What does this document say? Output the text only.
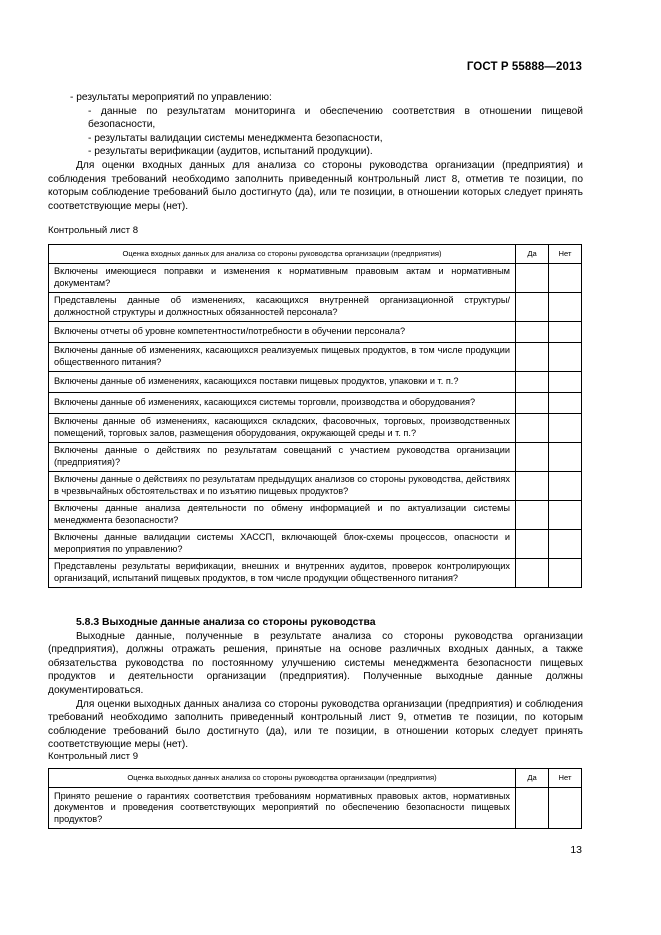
ГОСТ Р 55888—2013

- результаты мероприятий по управлению:

- данные по результатам мониторинга и обеспечению соответствия в отношении пищевой безопасности,

- результаты валидации системы менеджмента безопасности,

- результаты верификации (аудитов, испытаний продукции).

Для оценки входных данных для анализа со стороны руководства организации (предприятия) и соблюдения требований необходимо заполнить приведенный контрольный лист 8, отметив те позиции, по которым соблюдение требований было достигнуто (да), или те позиции, в отношении которых следует принять соответствующие меры (нет).

Контрольный лист 8
Оценка входных данных для анализа со стороны руководства организации (предприятия)	Да	Нет
Включены имеющиеся поправки и изменения к нормативным правовым актам и нормативным документам?		
Представлены данные об изменениях, касающихся внутренней организационной структуры/ должностной структуры и должностных обязанностей персонала?		
Включены отчеты об уровне компетентности/потребности в обучении персонала?		
Включены данные об изменениях, касающихся реализуемых пищевых продуктов, в том числе продукции общественного питания?		
Включены данные об изменениях, касающихся поставки пищевых продуктов, упаковки и т. п.?		
Включены данные об изменениях, касающихся системы торговли, производства и оборудования?		
Включены данные об изменениях, касающихся складских, фасовочных, торговых, производственных помещений, торговых залов, размещения оборудования, окружающей среды и т. п.?		
Включены данные о действиях по результатам совещаний с участием руководства организации (предприятия)?		
Включены данные о действиях по результатам предыдущих анализов со стороны руководства, действиях в чрезвычайных обстоятельствах и по изъятию пищевых продуктов?		
Включены данные анализа деятельности по обмену информацией и по актуализации системы менеджмента безопасности?		
Включены данные валидации системы ХАССП, включающей блок-схемы процессов, опасности и мероприятия по управлению?		
Представлены результаты верификации, внешних и внутренних аудитов, проверок контролирующих организаций, испытаний пищевых продуктов, в том числе продукции общественного питания?		

5.8.3 Выходные данные анализа со стороны руководства

Выходные данные, полученные в результате анализа со стороны руководства организации (предприятия), должны отражать решения, принятые на основе различных входных данных, а также обязательства руководства по постоянному улучшению системы менеджмента безопасности пищевых продуктов и деятельности организации (предприятия). Полученные выходные данные должны документироваться.

Для оценки выходных данных анализа со стороны руководства организации (предприятия) и соблюдения требований необходимо заполнить приведенный контрольный лист 9, отметив те позиции, по которым соблюдение требований было достигнуто (да), или те позиции, в отношении которых следует принять соответствующие меры (нет).

Контрольный лист 9
Оценка выходных данных анализа со стороны руководства организации (предприятия)	Да	Нет
Принято решение о гарантиях соответствия требованиям нормативных правовых актов, нормативных документов и проведения соответствующих мероприятий по обеспечению безопасности пищевых продуктов?		
13
